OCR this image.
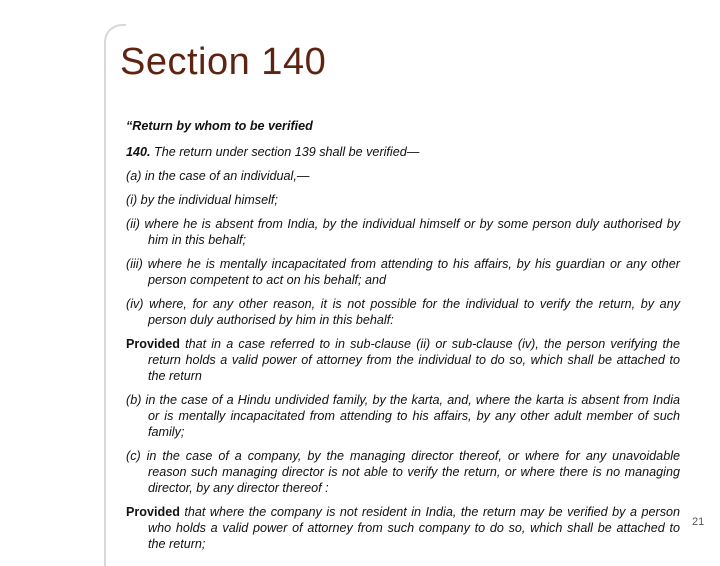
Section 140

“Return by whom to be verified

140. The return under section 139 shall be verified—

(a) in the case of an individual,—

(i) by the individual himself;

(ii) where he is absent from India, by the individual himself or by some person duly authorised by him in this behalf;

(iii) where he is mentally incapacitated from attending to his affairs, by his guardian or any other person competent to act on his behalf; and

(iv) where, for any other reason, it is not possible for the individual to verify the return, by any person duly authorised by him in this behalf:

Provided that in a case referred to in sub-clause (ii) or sub-clause (iv), the person verifying the return holds a valid power of attorney from the individual to do so, which shall be attached to the return

(b) in the case of a Hindu undivided family, by the karta, and, where the karta is absent from India or is mentally incapacitated from attending to his affairs, by any other adult member of such family;

(c) in the case of a company, by the managing director thereof, or where for any unavoidable reason such managing director is not able to verify the return, or where there is no managing director, by any director thereof :

Provided that where the company is not resident in India, the return may be verified by a person who holds a valid power of attorney from such company to do so, which shall be attached to the return;

21
